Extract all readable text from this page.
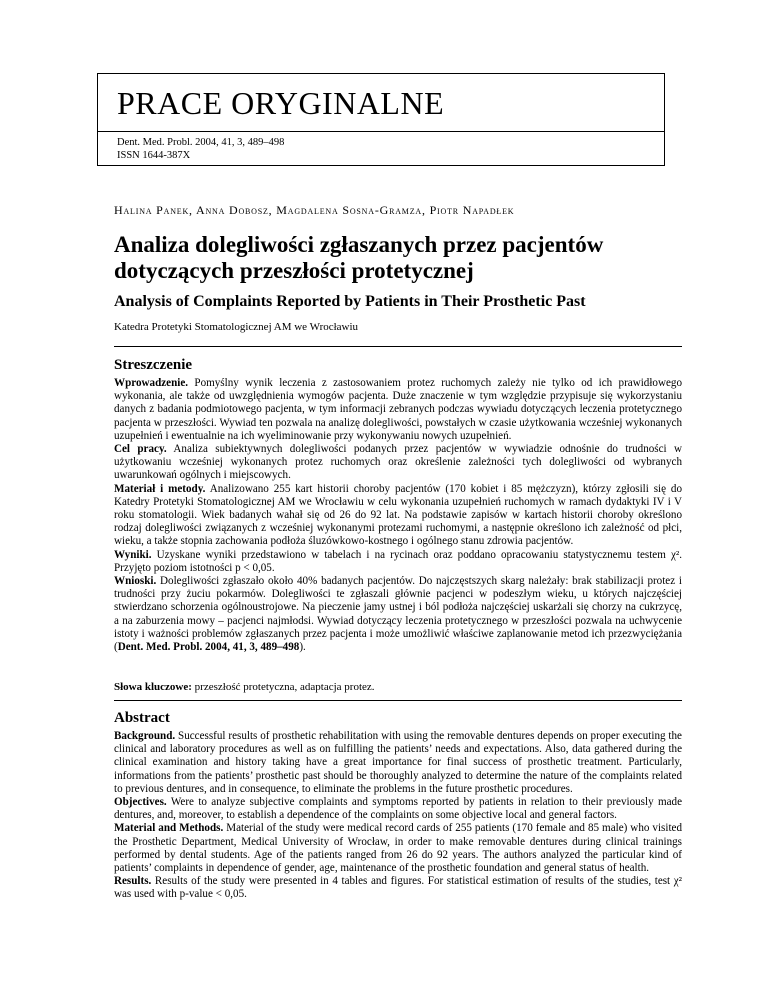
PRACE ORYGINALNE
Dent. Med. Probl. 2004, 41, 3, 489–498
ISSN 1644-387X
Halina Panek, Anna Dobosz, Magdalena Sosna-Gramza, Piotr Napadłek
Analiza dolegliwości zgłaszanych przez pacjentów
dotyczących przeszłości protetycznej
Analysis of Complaints Reported by Patients in Their Prosthetic Past
Katedra Protetyki Stomatologicznej AM we Wrocławiu
Streszczenie

Wprowadzenie. Pomyślny wynik leczenia z zastosowaniem protez ruchomych zależy nie tylko od ich prawidłowego wykonania, ale także od uwzględnienia wymogów pacjenta. Duże znaczenie w tym względzie przypisuje się wykorzystaniu danych z badania podmiotowego pacjenta, w tym informacji zebranych podczas wywiadu dotyczących leczenia protetycznego pacjenta w przeszłości. Wywiad ten pozwala na analizę dolegliwości, powstałych w czasie użytkowania wcześniej wykonanych uzupełnień i ewentualnie na ich wyeliminowanie przy wykonywaniu nowych uzupełnień.

Cel pracy. Analiza subiektywnych dolegliwości podanych przez pacjentów w wywiadzie odnośnie do trudności w użytkowaniu wcześniej wykonanych protez ruchomych oraz określenie zależności tych dolegliwości od wybranych uwarunkowań ogólnych i miejscowych.

Materiał i metody. Analizowano 255 kart historii choroby pacjentów (170 kobiet i 85 mężczyzn), którzy zgłosili się do Katedry Protetyki Stomatologicznej AM we Wrocławiu w celu wykonania uzupełnień ruchomych w ramach dydaktyki IV i V roku stomatologii. Wiek badanych wahał się od 26 do 92 lat. Na podstawie zapisów w kartach historii choroby określono rodzaj dolegliwości związanych z wcześniej wykonanymi protezami ruchomymi, a następnie określono ich zależność od płci, wieku, a także stopnia zachowania podłoża śluzówkowo-kostnego i ogólnego stanu zdrowia pacjentów.

Wyniki. Uzyskane wyniki przedstawiono w tabelach i na rycinach oraz poddano opracowaniu statystycznemu testem χ². Przyjęto poziom istotności p < 0,05.

Wnioski. Dolegliwości zgłaszało około 40% badanych pacjentów. Do najczęstszych skarg należały: brak stabilizacji protez i trudności przy żuciu pokarmów. Dolegliwości te zgłaszali głównie pacjenci w podeszłym wieku, u których najczęściej stwierdzano schorzenia ogólnoustrojowe. Na pieczenie jamy ustnej i ból podłoża najczęściej uskarżali się chorzy na cukrzycę, a na zaburzenia mowy – pacjenci najmłodsi. Wywiad dotyczący leczenia protetycznego w przeszłości pozwala na uchwycenie istoty i ważności problemów zgłaszanych przez pacjenta i może umożliwić właściwe zaplanowanie metod ich przezwyciężania (Dent. Med. Probl. 2004, 41, 3, 489–498).

Słowa kluczowe: przeszłość protetyczna, adaptacja protez.
Abstract

Background. Successful results of prosthetic rehabilitation with using the removable dentures depends on proper executing the clinical and laboratory procedures as well as on fulfilling the patients’ needs and expectations. Also, data gathered during the clinical examination and history taking have a great importance for final success of prosthetic treatment. Particularly, informations from the patients’ prosthetic past should be thoroughly analyzed to determine the nature of the complaints related to previous dentures, and in consequence, to eliminate the problems in the future prosthetic procedures.

Objectives. Were to analyze subjective complaints and symptoms reported by patients in relation to their previously made dentures, and, moreover, to establish a dependence of the complaints on some objective local and general factors.

Material and Methods. Material of the study were medical record cards of 255 patients (170 female and 85 male) who visited the Prosthetic Department, Medical University of Wrocław, in order to make removable dentures during clinical trainings performed by dental students. Age of the patients ranged from 26 do 92 years. The authors analyzed the particular kind of patients’ complaints in dependence of gender, age, maintenance of the prosthetic foundation and general status of health.

Results. Results of the study were presented in 4 tables and figures. For statistical estimation of results of the studies, test χ² was used with p-value < 0,05.
